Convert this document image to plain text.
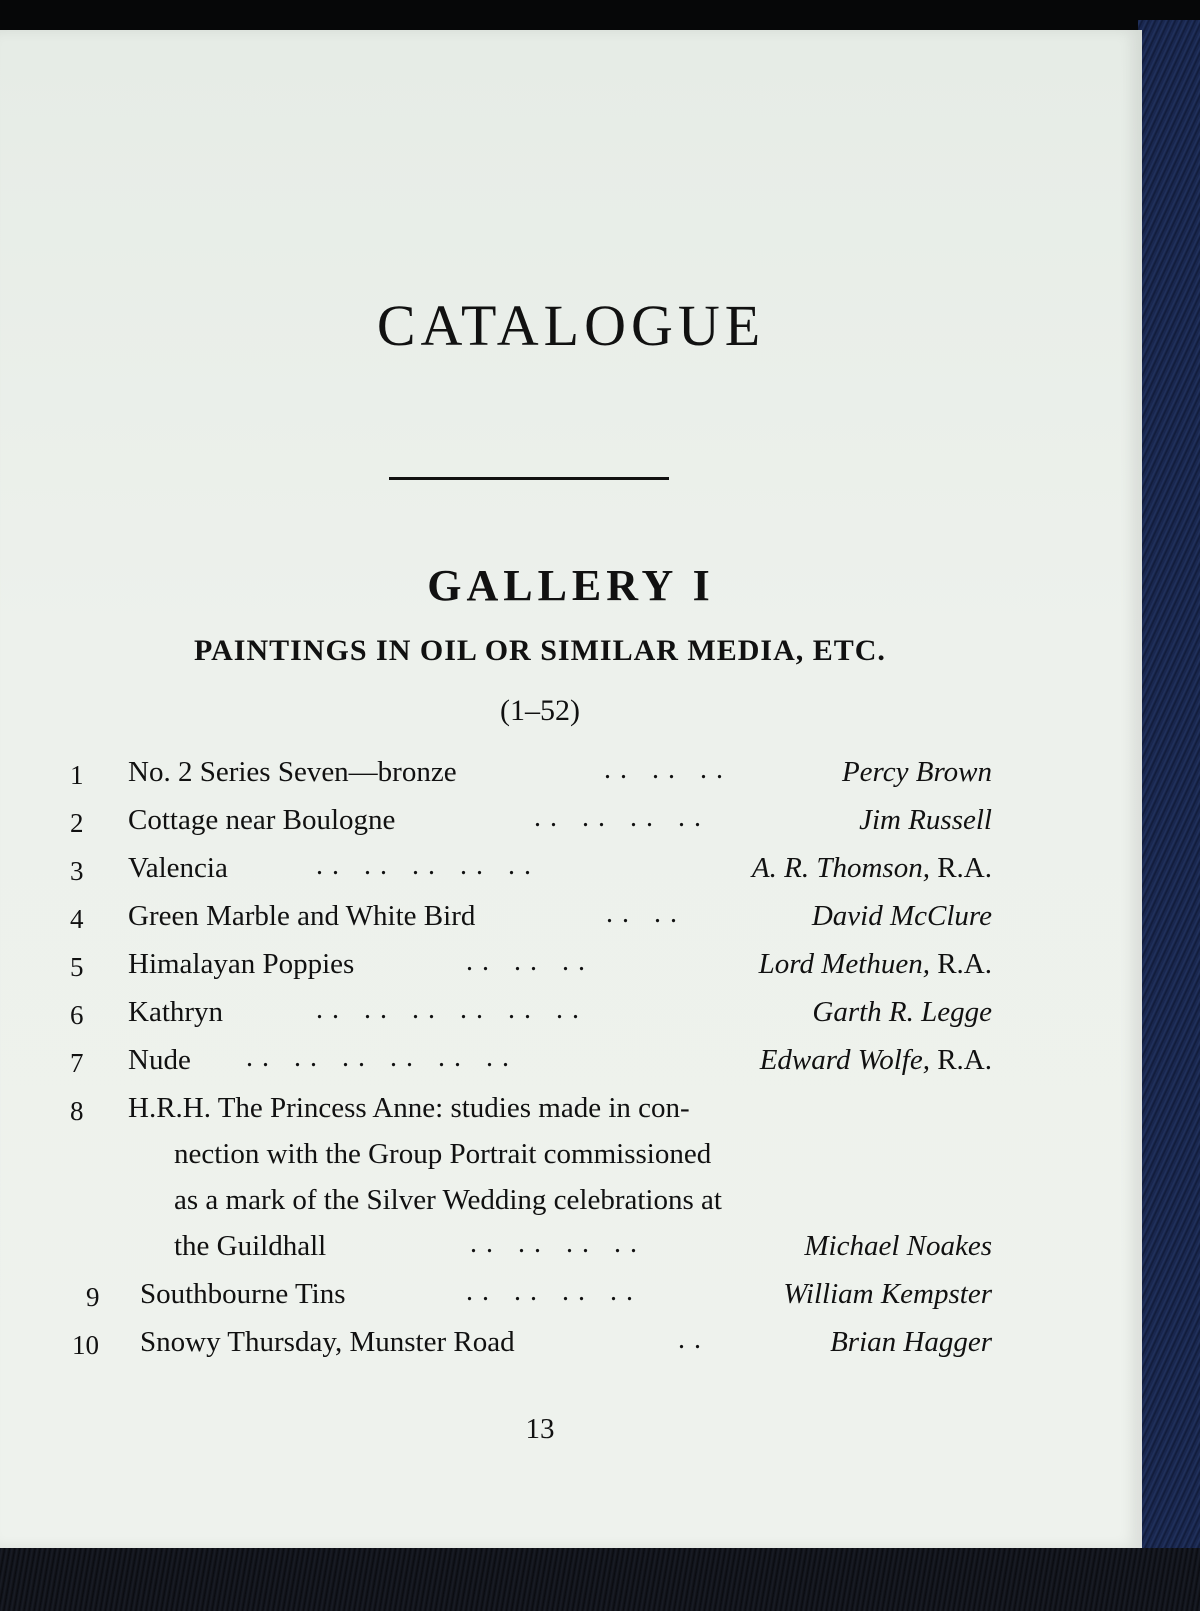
CATALOGUE
GALLERY I
PAINTINGS IN OIL OR SIMILAR MEDIA, ETC.
(1–52)
1	No. 2 Series Seven—bronze	. .   . .   . .	Percy Brown
2	Cottage near Boulogne	. .   . .   . .   . .	Jim Russell
3	Valencia	. .   . .   . .   . .   . .	A. R. Thomson, R.A.
4	Green Marble and White Bird	. .   . .	David McClure
5	Himalayan Poppies	. .   . .   . .	Lord Methuen, R.A.
6	Kathryn	. .   . .   . .   . .   . .   . .	Garth R. Legge
7	Nude . .   . .   . .   . .   . .   . .	Edward Wolfe, R.A.
8	H.R.H. The Princess Anne: studies made in con-
nection with the Group Portrait commissioned
as a mark of the Silver Wedding celebrations at
the Guildhall	. .   . .   . .   . .	Michael Noakes
9	Southbourne Tins	. .   . .   . .   . .	William Kempster
10	Snowy Thursday, Munster Road	. .	Brian Hagger
13
